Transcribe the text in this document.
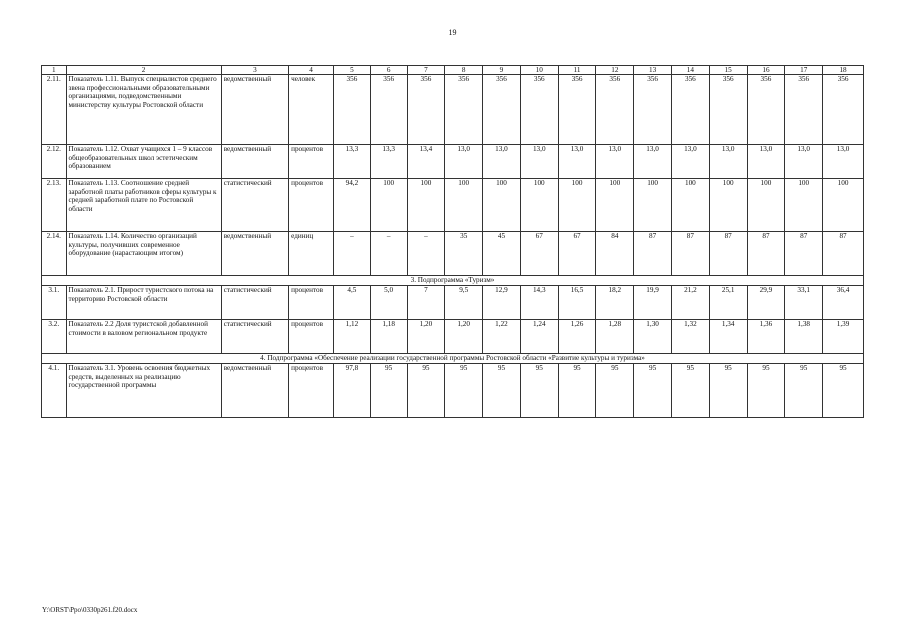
19
1	2	3	4	5	6	7	8	9	10	11	12	13	14	15	16	17	18
2.11.	Показатель 1.11. Выпуск специалистов среднего звена профессиональными образовательными организациями, подведомственными министерству культуры Ростовской области	ведомственный	человек	356	356	356	356	356	356	356	356	356	356	356	356	356	356
2.12.	Показатель 1.12. Охват учащихся 1 – 9 классов общеобразовательных школ эстетическим образованием	ведомственный	процентов	13,3	13,3	13,4	13,0	13,0	13,0	13,0	13,0	13,0	13,0	13,0	13,0	13,0	13,0
2.13.	Показатель 1.13. Соотношение средней заработной платы работников сферы культуры к средней заработной плате по Ростовской области	статистический	процентов	94,2	100	100	100	100	100	100	100	100	100	100	100	100	100
2.14.	Показатель 1.14. Количество организаций культуры, получивших современное оборудование (нарастающим итогом)	ведомственный	единиц	–	–	–	35	45	67	67	84	87	87	87	87	87	87
3. Подпрограмма «Туризм»																	
3.1.	Показатель 2.1. Прирост туристского потока на территорию Ростовской области	статистический	процентов	4,5	5,0	7	9,5	12,9	14,3	16,5	18,2	19,9	21,2	25,1	29,9	33,1	36,4
3.2.	Показатель 2.2 Доля туристской добавленной стоимости в валовом региональном продукте	статистический	процентов	1,12	1,18	1,20	1,20	1,22	1,24	1,26	1,28	1,30	1,32	1,34	1,36	1,38	1,39
4. Подпрограмма «Обеспечение реализации государственной программы Ростовской области «Развитие культуры и туризма»																	
4.1.	Показатель 3.1. Уровень освоения бюджетных средств, выделенных на реализацию государственной программы	ведомственный	процентов	97,8	95	95	95	95	95	95	95	95	95	95	95	95	95
Y:\ORST\Ppo\0330p261.f20.docx
